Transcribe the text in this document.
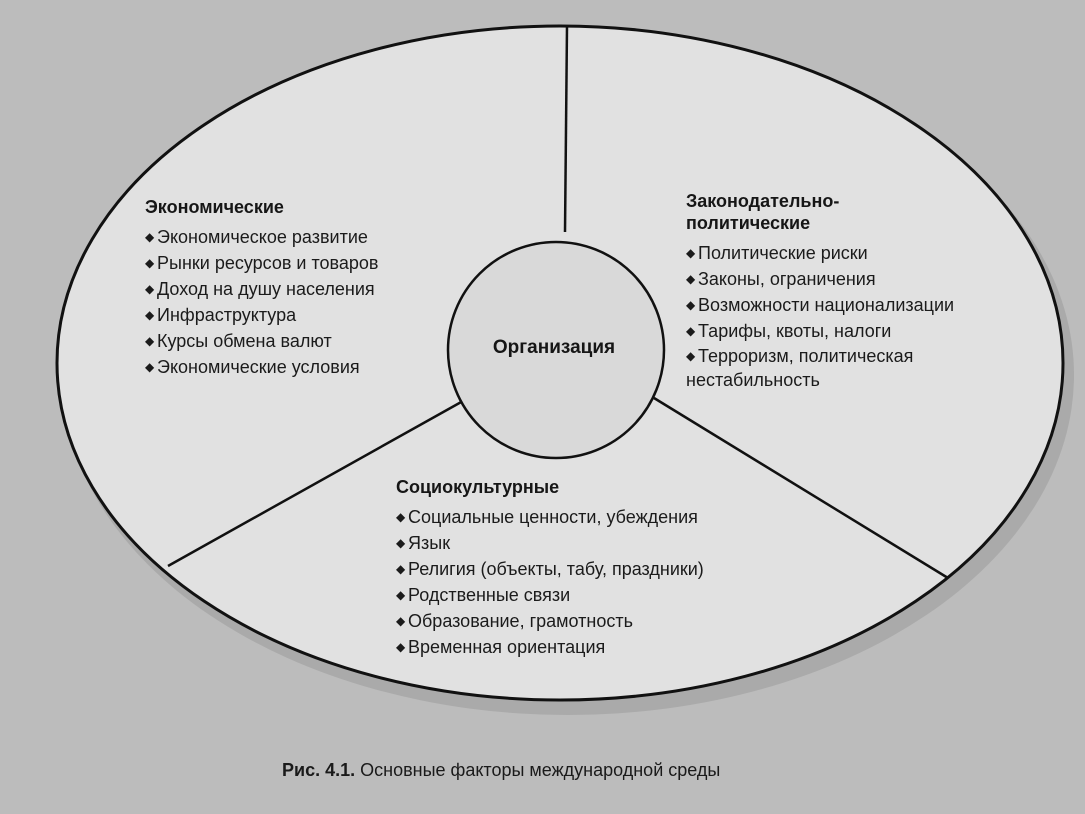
Организация
Экономические
◆ Экономическое развитие
◆ Рынки ресурсов и товаров
◆ Доход на душу населения
◆ Инфраструктура
◆ Курсы обмена валют
◆ Экономические условия
Законодательно-
политические
◆ Политические риски
◆ Законы, ограничения
◆ Возможности национализации
◆ Тарифы, квоты, налоги
◆ Терроризм, политическая нестабильность
Социокультурные
◆ Социальные ценности, убеждения
◆ Язык
◆ Религия (объекты, табу, праздники)
◆ Родственные связи
◆ Образование, грамотность
◆ Временная ориентация
Рис. 4.1. Основные факторы международной среды
